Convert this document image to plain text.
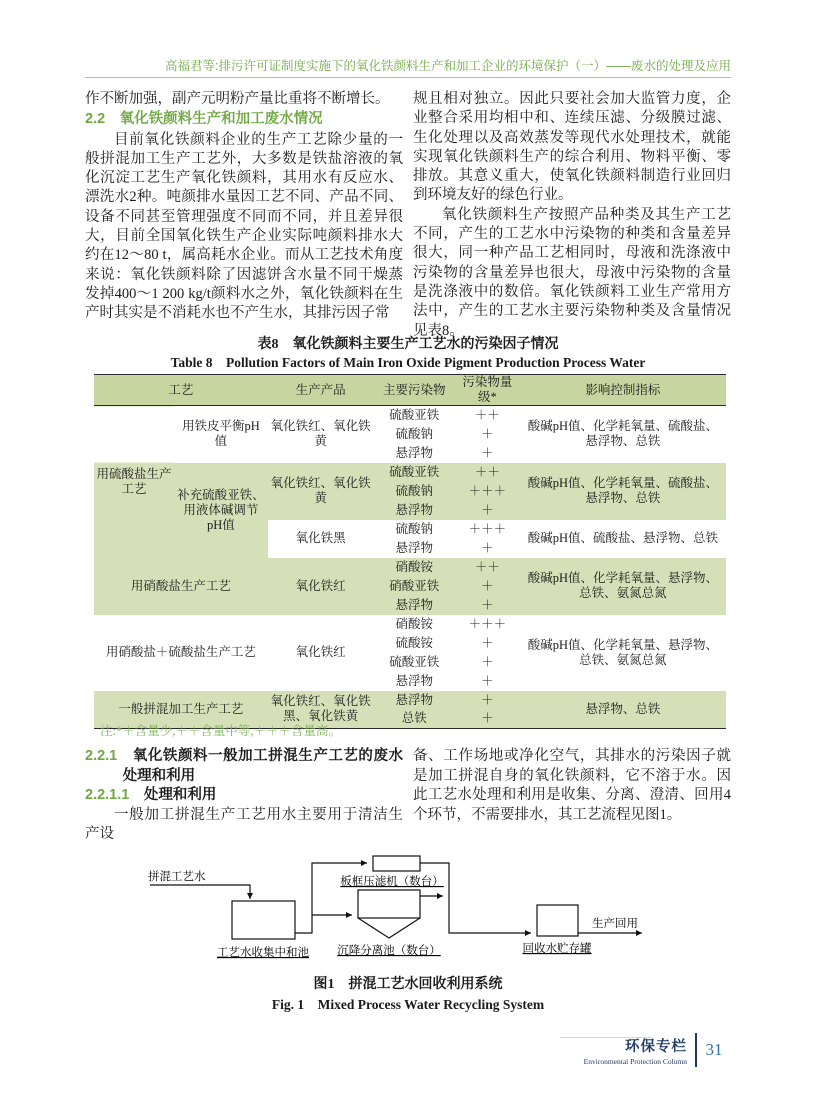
高福君等:排污许可证制度实施下的氧化铁颜料生产和加工企业的环境保护（一）——废水的处理及应用

作不断加强，副产元明粉产量比重将不断增长。

2.2　氧化铁颜料生产和加工废水情况

目前氧化铁颜料企业的生产工艺除少量的一般拼混加工生产工艺外，大多数是铁盐溶液的氧化沉淀工艺生产氧化铁颜料，其用水有反应水、漂洗水2种。吨颜排水量因工艺不同、产品不同、设备不同甚至管理强度不同而不同，并且差异很大，目前全国氧化铁生产企业实际吨颜料排水大约在12～80 t，属高耗水企业。而从工艺技术角度来说：氧化铁颜料除了因滤饼含水量不同干燥蒸发掉400～1 200 kg/t颜料水之外，氧化铁颜料在生产时其实是不消耗水也不产生水，其排污因子常

规且相对独立。因此只要社会加大监管力度，企业整合采用均相中和、连续压滤、分级膜过滤、生化处理以及高效蒸发等现代水处理技术，就能实现氧化铁颜料生产的综合利用、物料平衡、零排放。其意义重大，使氧化铁颜料制造行业回归到环境友好的绿色行业。

氧化铁颜料生产按照产品种类及其生产工艺不同，产生的工艺水中污染物的种类和含量差异很大，同一种产品工艺相同时，母液和洗涤液中污染物的含量差异也很大，母液中污染物的含量是洗涤液中的数倍。氧化铁颜料工业生产常用方法中，产生的工艺水主要污染物种类及含量情况见表8。

表8　氧化铁颜料主要生产工艺水的污染因子情况
Table 8　Pollution Factors of Main Iron Oxide Pigment Production Process Water
工艺		生产产品	主要污染物	污染物量级*	影响控制指标
用硫酸盐生产工艺	用铁皮平衡pH值	氧化铁红、氧化铁黄	硫酸亚铁	＋＋	酸碱pH值、化学耗氧量、硫酸盐、悬浮物、总铁
			硫酸钠	＋	
			悬浮物	＋	
	补充硫酸亚铁、用液体碱调节pH值	氧化铁红、氧化铁黄	硫酸亚铁	＋＋	酸碱pH值、化学耗氧量、硫酸盐、悬浮物、总铁
			硫酸钠	＋＋＋	
			悬浮物	＋	
		氧化铁黑	硫酸钠	＋＋＋	酸碱pH值、硫酸盐、悬浮物、总铁
			悬浮物	＋	
用硝酸盐生产工艺		氧化铁红	硝酸铵	＋＋	酸碱pH值、化学耗氧量、悬浮物、总铁、氨氮总氮
			硝酸亚铁	＋	
			悬浮物	＋	
用硝酸盐＋硫酸盐生产工艺		氧化铁红	硝酸铵	＋＋＋	酸碱pH值、化学耗氧量、悬浮物、总铁、氨氮总氮
			硫酸铵	＋	
			硫酸亚铁	＋	
			悬浮物	＋	
一般拼混加工生产工艺		氧化铁红、氧化铁黑、氧化铁黄	悬浮物	＋	悬浮物、总铁
			总铁	＋	
注:*＋含量少,＋＋含量中等,＋＋＋含量高。

2.2.1　 氧化铁颜料一般加工拼混生产工艺的废水处理和利用

2.2.1.1　 处理和利用

一般加工拼混生产工艺用水主要用于清洁生产设

备、工作场地或净化空气，其排水的污染因子就是加工拼混自身的氧化铁颜料，它不溶于水。因此工艺水处理和利用是收集、分离、澄清、回用4个环节，不需要排水，其工艺流程见图1。

拼混工艺水
工艺水收集中和池
板框压滤机（数台）
沉降分离池（数台）	回收水贮存罐
生产回用
图1　拼混工艺水回收利用系统
Fig. 1　Mixed Process Water Recycling System
环保专栏
Environmental Protection Column
31
